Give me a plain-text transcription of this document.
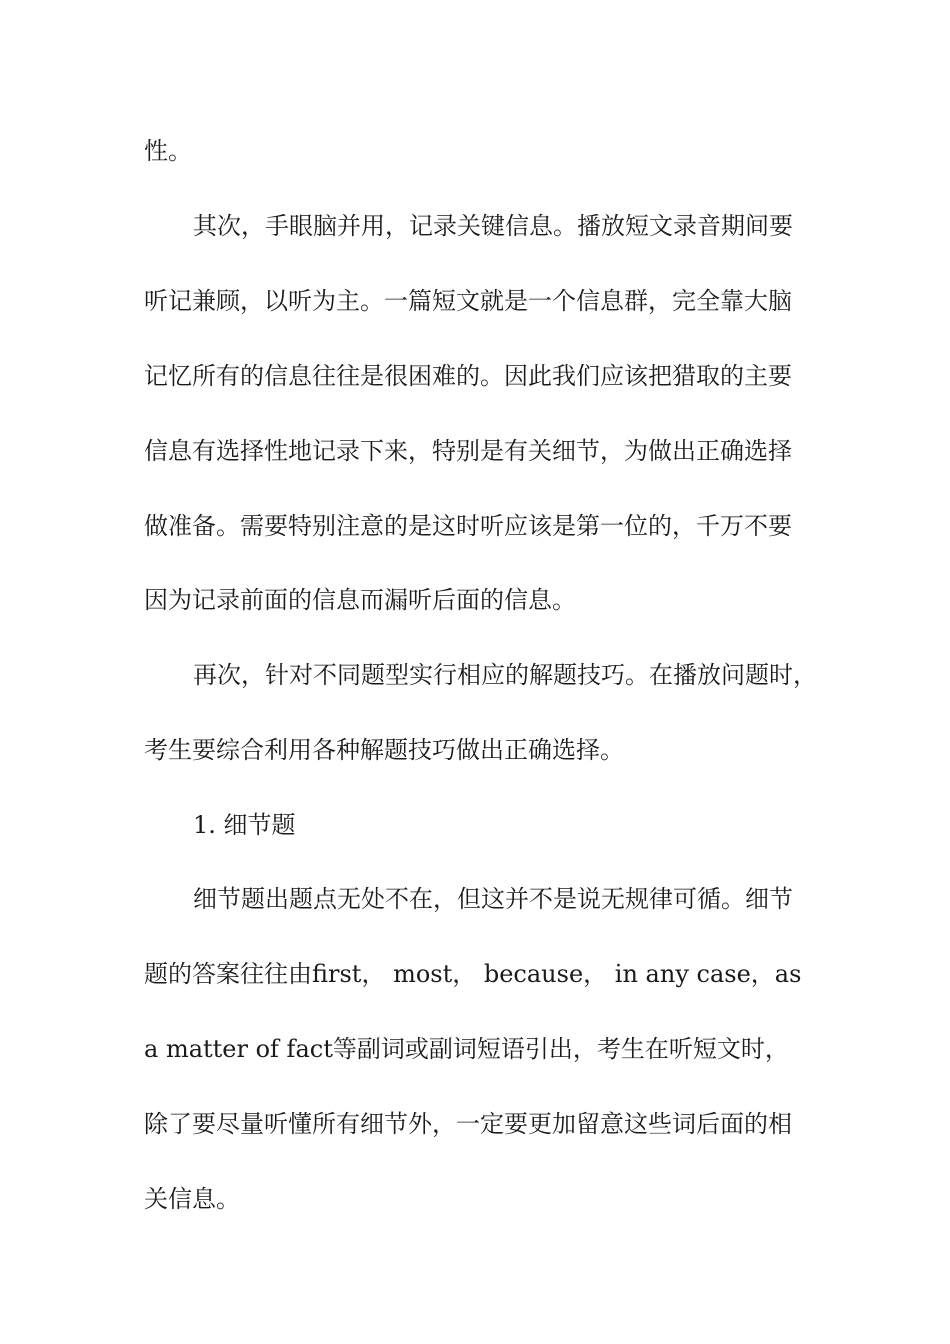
性。

其次，手眼脑并用，记录关键信息。播放短文录音期间要

听记兼顾，以听为主。一篇短文就是一个信息群，完全靠大脑

记忆所有的信息往往是很困难的。因此我们应该把猎取的主要

信息有选择性地记录下来，特别是有关细节，为做出正确选择

做准备。需要特别注意的是这时听应该是第一位的，千万不要

因为记录前面的信息而漏听后面的信息。

再次，针对不同题型实行相应的解题技巧。在播放问题时，

考生要综合利用各种解题技巧做出正确选择。

1. 细节题

细节题出题点无处不在，但这并不是说无规律可循。细节

题的答案往往由first， most， because， in any case，as

a matter of fact等副词或副词短语引出，考生在听短文时，

除了要尽量听懂所有细节外，一定要更加留意这些词后面的相

关信息。
